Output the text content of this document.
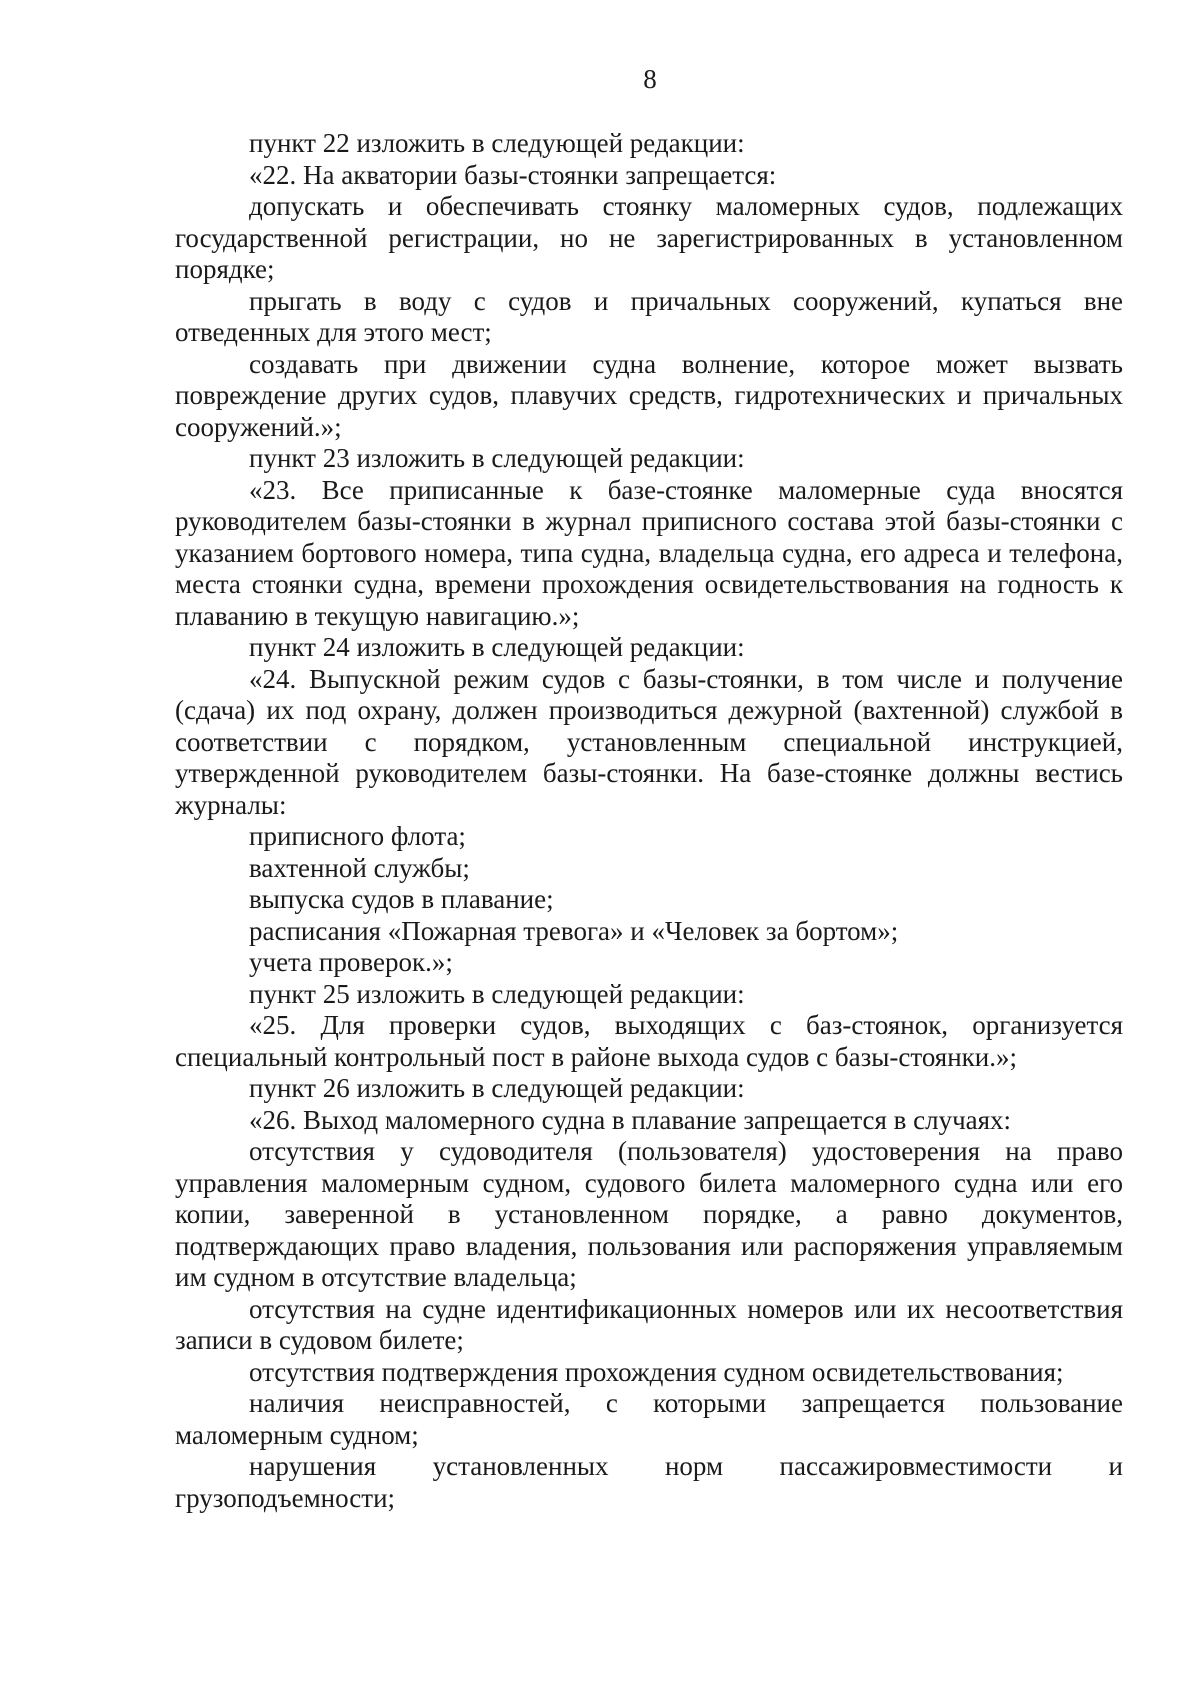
8

пункт 22 изложить в следующей редакции:

«22. На акватории базы-стоянки запрещается:

допускать и обеспечивать стоянку маломерных судов, подлежащих государственной регистрации, но не зарегистрированных в установленном порядке;

прыгать в воду с судов и причальных сооружений, купаться вне отведенных для этого мест;

создавать при движении судна волнение, которое может вызвать повреждение других судов, плавучих средств, гидротехнических и причальных сооружений.»;

пункт 23 изложить в следующей редакции:

«23. Все приписанные к базе-стоянке маломерные суда вносятся руководителем базы-стоянки в журнал приписного состава этой базы-стоянки с указанием бортового номера, типа судна, владельца судна, его адреса и телефона, места стоянки судна, времени прохождения освидетельствования на годность к плаванию в текущую навигацию.»;

пункт 24 изложить в следующей редакции:

«24. Выпускной режим судов с базы-стоянки, в том числе и получение (сдача) их под охрану, должен производиться дежурной (вахтенной) службой в соответствии с порядком, установленным специальной инструкцией, утвержденной руководителем базы-стоянки. На базе-стоянке должны вестись журналы:

приписного флота;

вахтенной службы;

выпуска судов в плавание;

расписания «Пожарная тревога» и «Человек за бортом»;

учета проверок.»;

пункт 25 изложить в следующей редакции:

«25. Для проверки судов, выходящих с баз-стоянок, организуется специальный контрольный пост в районе выхода судов с базы-стоянки.»;

пункт 26 изложить в следующей редакции:

«26. Выход маломерного судна в плавание запрещается в случаях:

отсутствия у судоводителя (пользователя) удостоверения на право управления маломерным судном, судового билета маломерного судна или его копии, заверенной в установленном порядке, а равно документов, подтверждающих право владения, пользования или распоряжения управляемым им судном в отсутствие владельца;

отсутствия на судне идентификационных номеров или их несоответствия записи в судовом билете;

отсутствия подтверждения прохождения судном освидетельствования;

наличия неисправностей, с которыми запрещается пользование маломерным судном;

нарушения установленных норм пассажировместимости и грузоподъемности;
